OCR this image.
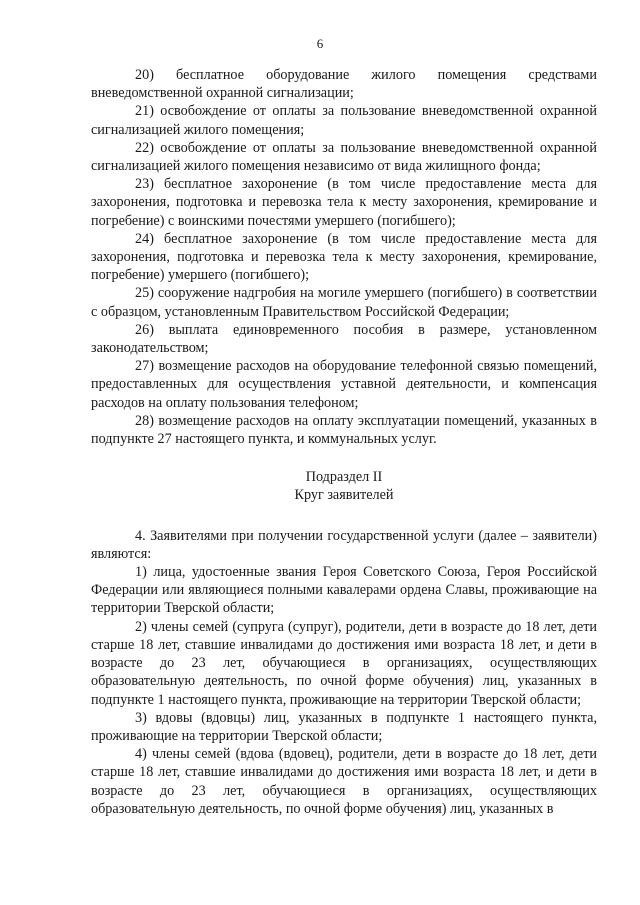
6

20) бесплатное оборудование жилого помещения средствами вневедомственной охранной сигнализации;

21) освобождение от оплаты за пользование вневедомственной охранной сигнализацией жилого помещения;

22) освобождение от оплаты за пользование вневедомственной охранной сигнализацией жилого помещения независимо от вида жилищного фонда;

23) бесплатное захоронение (в том числе предоставление места для захоронения, подготовка и перевозка тела к месту захоронения, кремирование и погребение) с воинскими почестями умершего (погибшего);

24) бесплатное захоронение (в том числе предоставление места для захоронения, подготовка и перевозка тела к месту захоронения, кремирование, погребение) умершего (погибшего);

25) сооружение надгробия на могиле умершего (погибшего) в соответствии с образцом, установленным Правительством Российской Федерации;

26) выплата единовременного пособия в размере, установленном законодательством;

27) возмещение расходов на оборудование телефонной связью помещений, предоставленных для осуществления уставной деятельности, и компенсация расходов на оплату пользования телефоном;

28) возмещение расходов на оплату эксплуатации помещений, указанных в подпункте 27 настоящего пункта, и коммунальных услуг.

Подраздел II

Круг заявителей

4. Заявителями при получении государственной услуги (далее – заявители) являются:

1) лица, удостоенные звания Героя Советского Союза, Героя Российской Федерации или являющиеся полными кавалерами ордена Славы, проживающие на территории Тверской области;

2) члены семей (супруга (супруг), родители, дети в возрасте до 18 лет, дети старше 18 лет, ставшие инвалидами до достижения ими возраста 18 лет, и дети в возрасте до 23 лет, обучающиеся в организациях, осуществляющих образовательную деятельность, по очной форме обучения) лиц, указанных в подпункте 1 настоящего пункта, проживающие на территории Тверской области;

3) вдовы (вдовцы) лиц, указанных в подпункте 1 настоящего пункта, проживающие на территории Тверской области;

4) члены семей (вдова (вдовец), родители, дети в возрасте до 18 лет, дети старше 18 лет, ставшие инвалидами до достижения ими возраста 18 лет, и дети в возрасте до 23 лет, обучающиеся в организациях, осуществляющих образовательную деятельность, по очной форме обучения) лиц, указанных в
